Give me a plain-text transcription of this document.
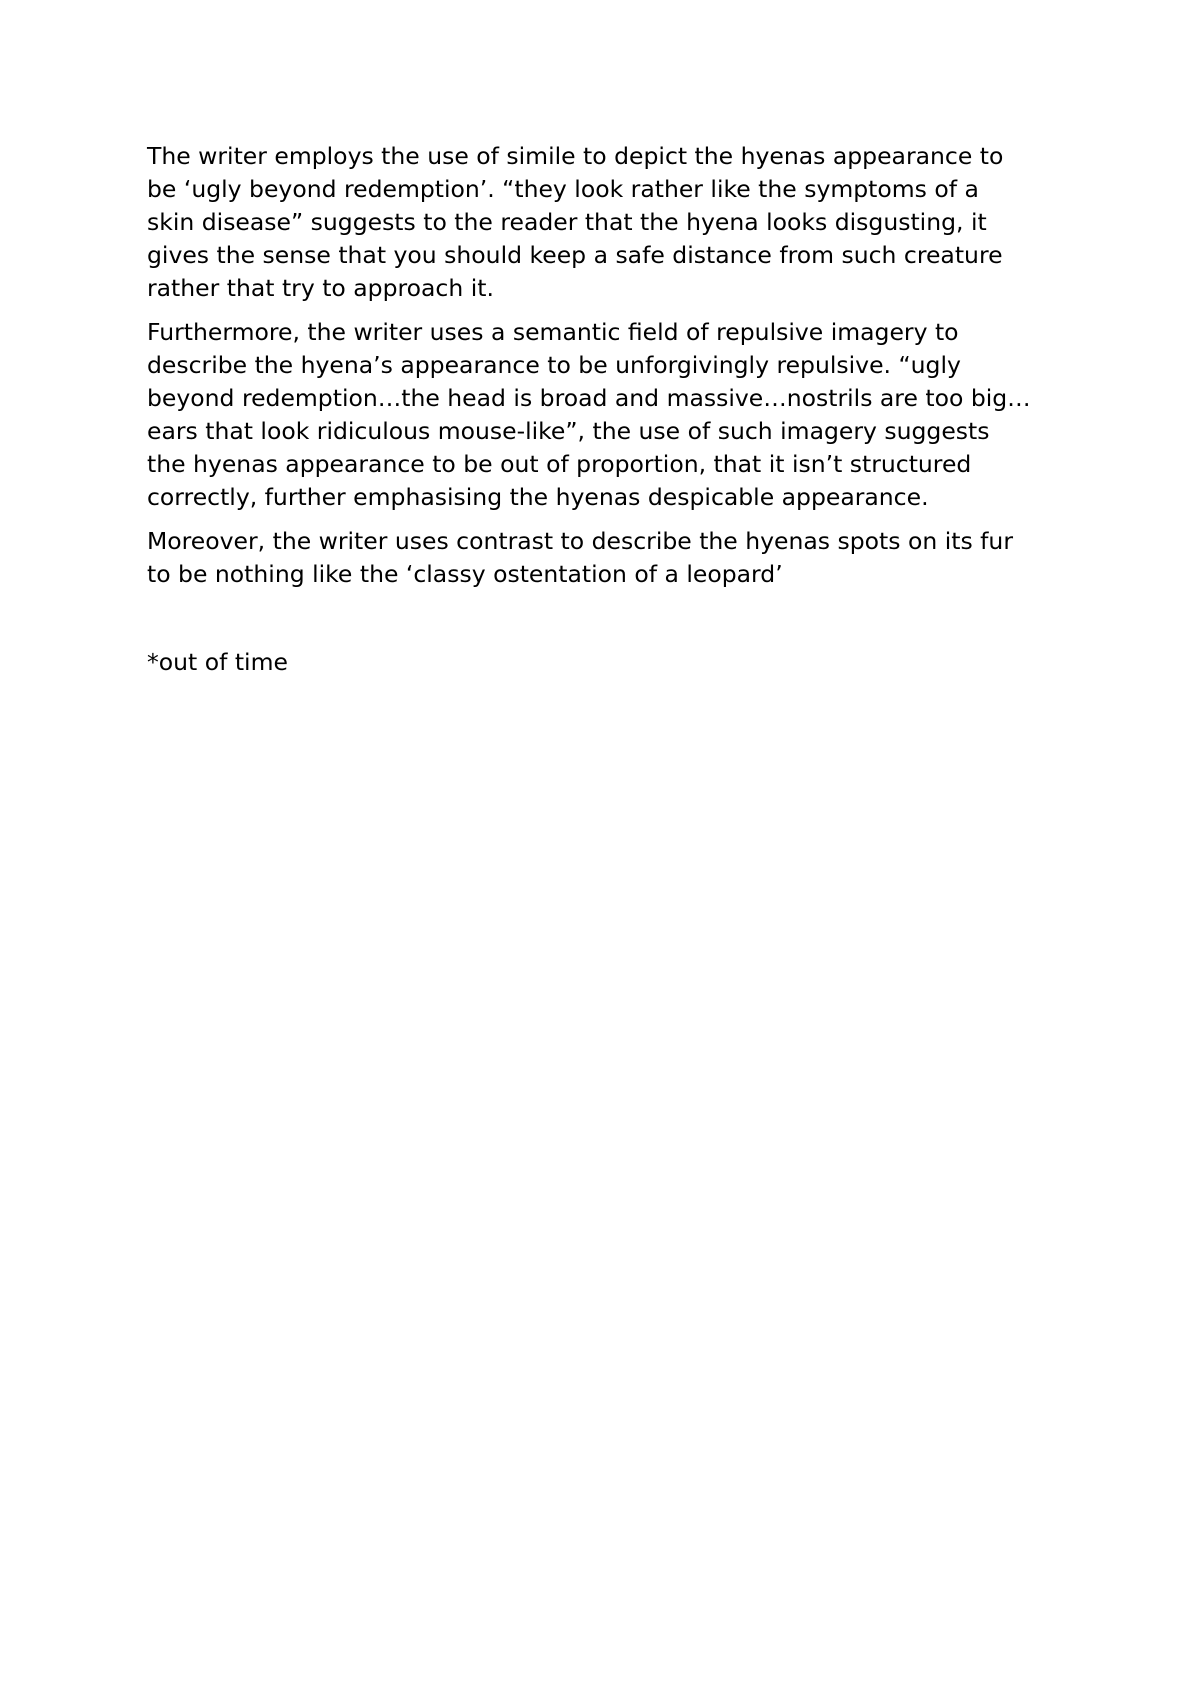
The writer employs the use of simile to depict the hyenas appearance to
be ‘ugly beyond redemption’. “they look rather like the symptoms of a
skin disease” suggests to the reader that the hyena looks disgusting, it
gives the sense that you should keep a safe distance from such creature
rather that try to approach it.

Furthermore, the writer uses a semantic field of repulsive imagery to
describe the hyena’s appearance to be unforgivingly repulsive. “ugly
beyond redemption…the head is broad and massive…nostrils are too big…
ears that look ridiculous mouse-like”, the use of such imagery suggests
the hyenas appearance to be out of proportion, that it isn’t structured
correctly, further emphasising the hyenas despicable appearance.

Moreover, the writer uses contrast to describe the hyenas spots on its fur
to be nothing like the ‘classy ostentation of a leopard’

*out of time
